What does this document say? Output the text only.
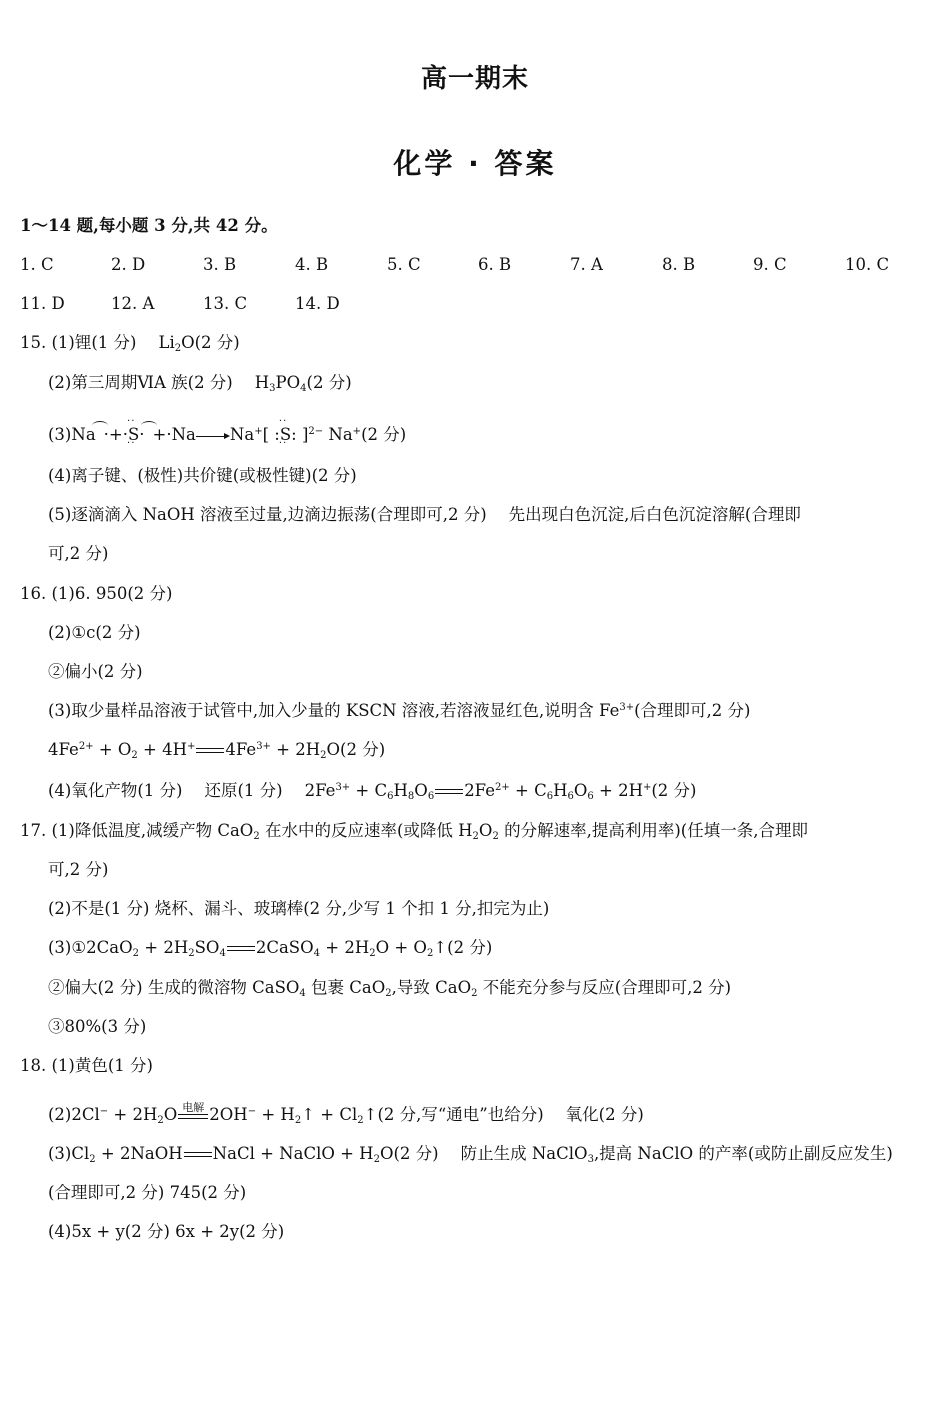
高一期末
化学 · 答案
1～14 题,每小题 3 分,共 42 分。
1. C	2. D	3. B	4. B	5. C	6. B	7. A	8. B	9. C	10. C
11. D	12. A	13. C	14. D
15. (1)锂(1 分) $Li_2O(2$ 分)
(2)第三周期ⅥA 族(2 分) $H_3PO_4(2$ 分)
(3)Na ·+·· · S · ·· +·Na Na+[ :· · S · ·: ]$^{2-}$ Na+(2 分)
(4)离子键、(极性)共价键(或极性键)(2 分)
(5)逐滴滴入 NaOH 溶液至过量,边滴边振荡(合理即可,2 分) 先出现白色沉淀,后白色沉淀溶解(合理即
可,2 分)
16. (1)6. 950(2 分)
(2)①c(2 分)
②偏小(2 分)
(3)取少量样品溶液于试管中,加入少量的 KSCN 溶液,若溶液显红色,说明含 $Fe^{3+}$(合理即可,2 分)
$4Fe^{2+} + O_2 + 4H^+$ $4Fe^{3+} + 2H_2O(2$ 分)
(4)氧化产物(1 分) 还原(1 分) $2Fe^{3+} + C_6H_8O_6$ $2Fe^{2+} + C_6H_6O_6 + 2H^+(2$ 分)
17. (1)降低温度,减缓产物 CaO$_2$ 在水中的反应速率(或降低 $H_2O_2$ 的分解速率,提高利用率)(任填一条,合理即
可,2 分)
(2)不是(1 分) 烧杯、漏斗、玻璃棒(2 分,少写 1 个扣 1 分,扣完为止)
(3)①2CaO$_2$ + $2H_2SO_4$ 2CaSO$_4$ + $2H_2O$ + $O_2↑(2$ 分)
②偏大(2 分) 生成的微溶物 CaSO$_4$ 包裹 CaO$_2$,导致 CaO$_2$ 不能充分参与反应(合理即可,2 分)
③80%(3 分)
18. (1)黄色(1 分)
$(2)2Cl^- + 2H_2O$ 电解 $2OH^- + H_2↑$ + $Cl_2↑(2$ 分,写“通电”也给分) 氧化(2 分)
$(3)Cl_2$ + 2NaOH NaCl + NaClO + $H_2O(2$ 分) 防止生成 NaClO$_3$,提高 NaClO 的产率(或防止副反应发生)
(合理即可,2 分) 745(2 分)
(4)5x + y(2 分) 6x + 2y(2 分)
